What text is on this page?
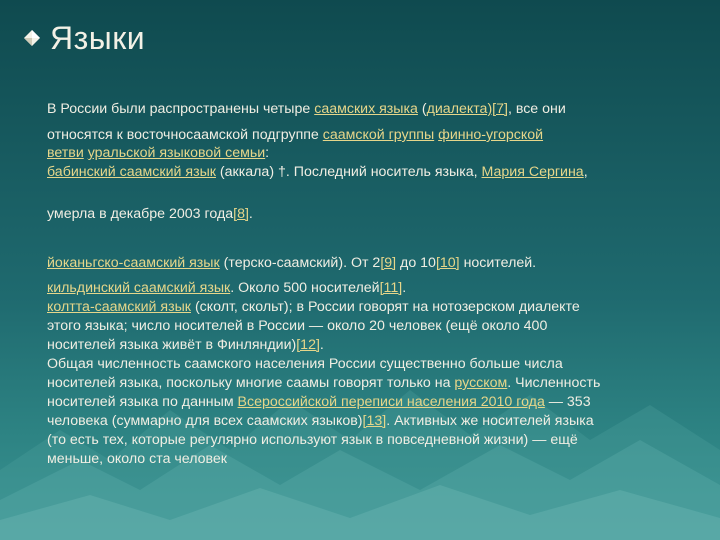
Языки
В России были распространены четыре саамских языка (диалекта)[7], все они
относятся к восточносаамской подгруппе саамской группы финно-угорской
ветви уральской языковой семьи:
бабинский саамский язык (аккала) †. Последний носитель языка, Мария Сергина,
умерла в декабре 2003 года[8].
йоканьгско-саамский язык (терско-саамский). От 2[9] до 10[10] носителей.
кильдинский саамский язык. Около 500 носителей[11].
колтта-саамский язык (сколт, скольт); в России говорят на нотозерском диалекте
этого языка; число носителей в России — около 20 человек (ещё около 400
носителей языка живёт в Финляндии)[12].
Общая численность саамского населения России существенно больше числа
носителей языка, поскольку многие саамы говорят только на русском. Численность
носителей языка по данным Всероссийской переписи населения 2010 года — 353
человека (суммарно для всех саамских языков)[13]. Активных же носителей языка
(то есть тех, которые регулярно используют язык в повседневной жизни) — ещё
меньше, около ста человек
